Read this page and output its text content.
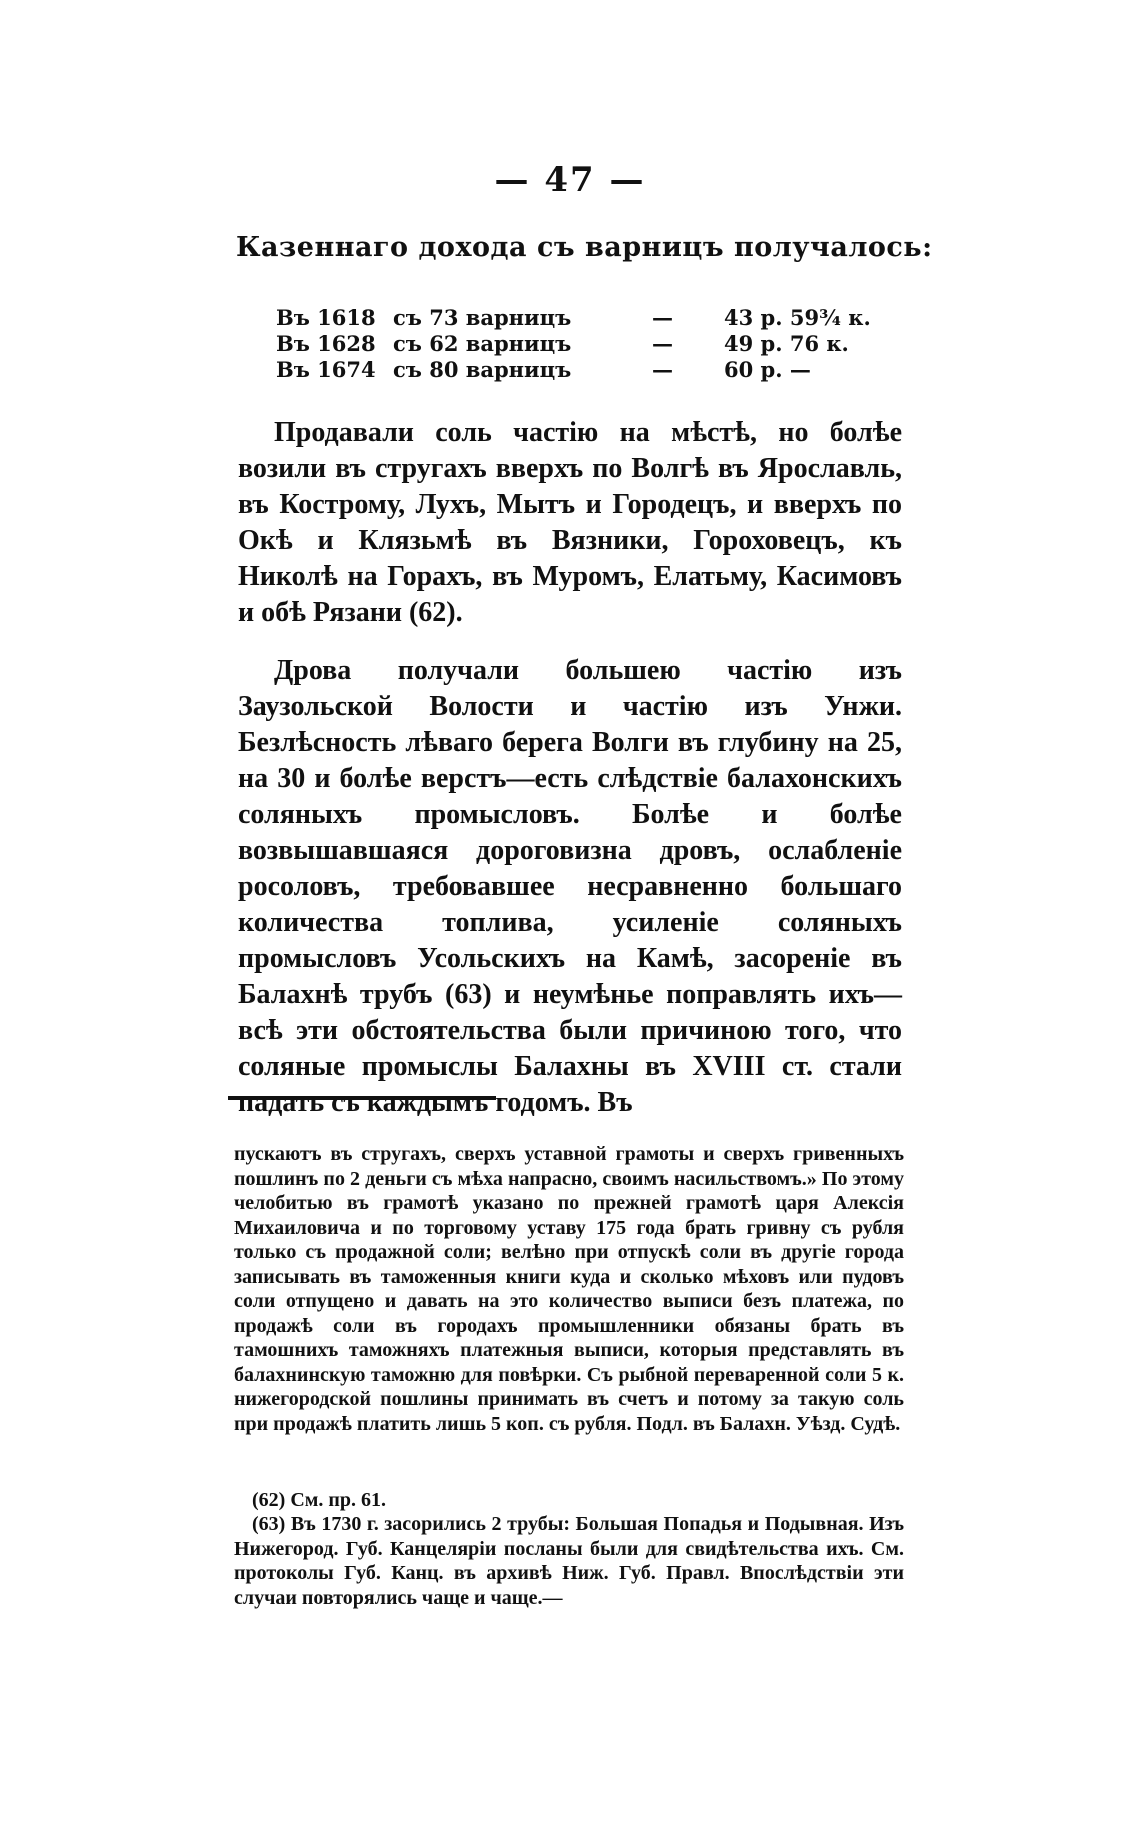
— 47 —
Казеннаго дохода съ варницъ получалось:
Въ 1618 съ 73 варницъ	— 43 р. 59¾ к.
Въ 1628 съ 62 варницъ	— 49 р. 76 к.
Въ 1674 съ 80 варницъ	— 60 р. —

Продавали соль частію на мѣстѣ, но болѣе возили въ стругахъ вверхъ по Волгѣ въ Ярославль, въ Кострому, Лухъ, Мытъ и Городецъ, и вверхъ по Окѣ и Клязьмѣ въ Вязники, Гороховецъ, къ Николѣ на Горахъ, въ Муромъ, Елатьму, Касимовъ и обѣ Рязани (62).

Дрова получали большею частію изъ Заузольской Волости и частію изъ Унжи. Безлѣсность лѣваго берега Волги въ глубину на 25, на 30 и болѣе верстъ—есть слѣдствіе балахонскихъ соляныхъ промысловъ. Болѣе и болѣе возвышавшаяся дороговизна дровъ, ослабленіе росоловъ, требовавшее несравненно большаго количества топлива, усиленіе соляныхъ промысловъ Усольскихъ на Камѣ, засореніе въ Балахнѣ трубъ (63) и неумѣнье поправлять ихъ—всѣ эти обстоятельства были причиною того, что соляные промыслы Балахны въ XVIII ст. стали падать съ каждымъ годомъ. Въ

пускаютъ въ стругахъ, сверхъ уставной грамоты и сверхъ гривенныхъ пошлинъ по 2 деньги съ мѣха напрасно, своимъ насильствомъ.» По этому челобитью въ грамотѣ указано по прежней грамотѣ царя Алексія Михаиловича и по торговому уставу 175 года брать гривну съ рубля только съ продажной соли; велѣно при отпускѣ соли въ другіе города записывать въ таможенныя книги куда и сколько мѣховъ или пудовъ соли отпущено и давать на это количество выписи безъ платежа, по продажѣ соли въ городахъ промышленники обязаны брать въ тамошнихъ таможняхъ платежныя выписи, которыя представлять въ балахнинскую таможню для повѣрки. Съ рыбной переваренной соли 5 к. нижегородской пошлины принимать въ счетъ и потому за такую соль при продажѣ платить лишь 5 коп. съ рубля. Подл. въ Балахн. Уѣзд. Судѣ.

(62) См. пр. 61.

(63) Въ 1730 г. засорились 2 трубы: Большая Попадья и Подывная. Изъ Нижегород. Губ. Канцеляріи посланы были для свидѣтельства ихъ. См. протоколы Губ. Канц. въ архивѣ Ниж. Губ. Правл. Впослѣдствіи эти случаи повторялись чаще и чаще.—
